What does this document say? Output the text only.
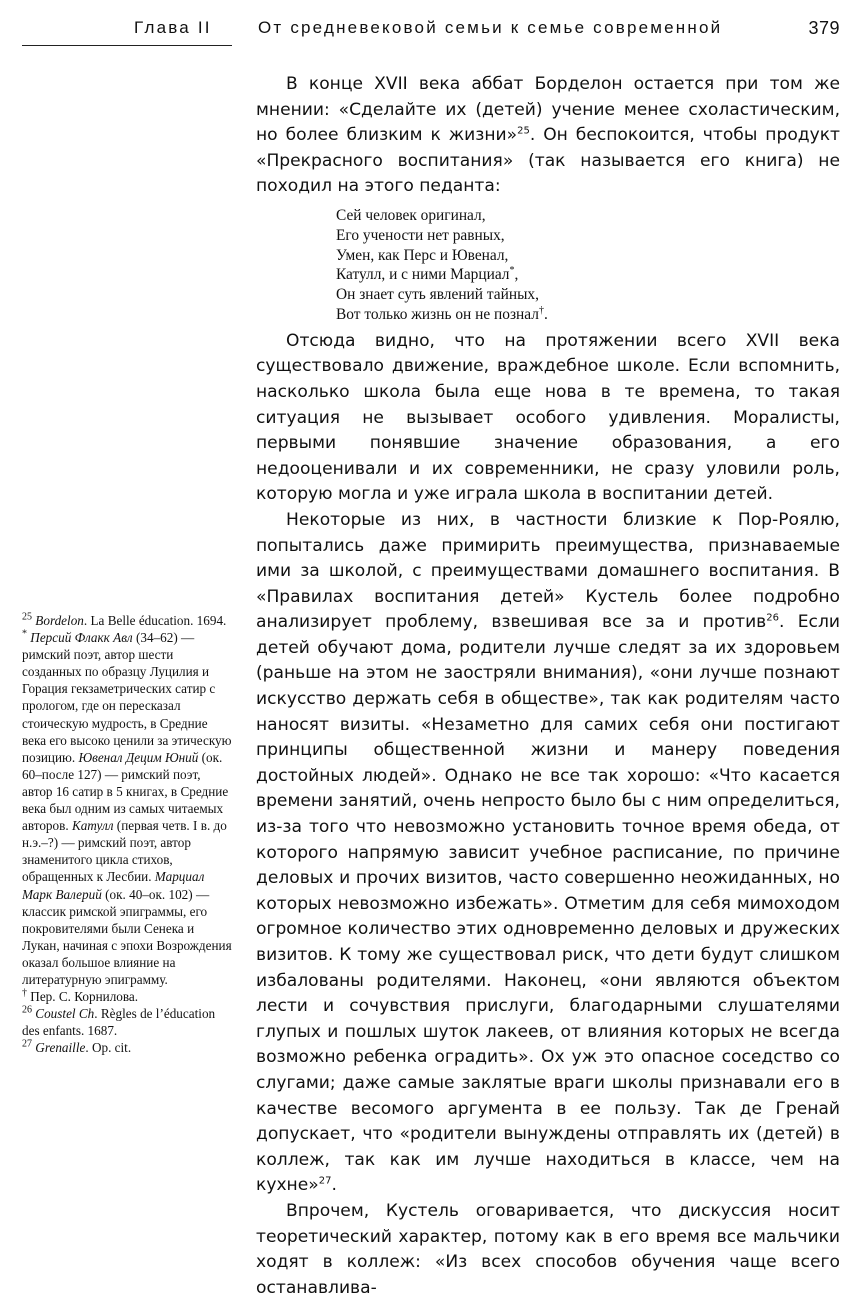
Глава II	От средневековой семьи к семье современной	379

В конце XVII века аббат Борделон остается при том же мнении: «Сделайте их (детей) учение менее схоластическим, но более близким к жизни»$^{25}$. Он беспокоится, чтобы продукт «Прекрасного воспитания» (так называется его книга) не походил на этого педанта:

Сей человек оригинал,
Его учености нет равных,
Умен, как Перс и Ювенал,
Катулл, и с ними Марциал*,
Он знает суть явлений тайных,
Вот только жизнь он не познал†.

Отсюда видно, что на протяжении всего XVII века существовало движение, враждебное школе. Если вспомнить, насколько школа была еще нова в те времена, то такая ситуация не вызывает особого удивления. Моралисты, первыми понявшие значение образования, а его недооценивали и их современники, не сразу уловили роль, которую могла и уже играла школа в воспитании детей.

Некоторые из них, в частности близкие к Пор-Роялю, попытались даже примирить преимущества, признаваемые ими за школой, с преимуществами домашнего воспитания. В «Правилах воспитания детей» Кустель более подробно анализирует проблему, взвешивая все за и против$^{26}$. Если детей обучают дома, родители лучше следят за их здоровьем (раньше на этом не заостряли внимания), «они лучше познают искусство держать себя в обществе», так как родителям часто наносят визиты. «Незаметно для самих себя они постигают принципы общественной жизни и манеру поведения достойных людей». Однако не все так хорошо: «Что касается времени занятий, очень непросто было бы с ним определиться, из-за того что невозможно установить точное время обеда, от которого напрямую зависит учебное расписание, по причине деловых и прочих визитов, часто совершенно неожиданных, но которых невозможно избежать». Отметим для себя мимоходом огромное количество этих одновременно деловых и дружеских визитов. К тому же существовал риск, что дети будут слишком избалованы родителями. Наконец, «они являются объектом лести и сочувствия прислуги, благодарными слушателями глупых и пошлых шуток лакеев, от влияния которых не всегда возможно ребенка оградить». Ох уж это опасное соседство со слугами; даже самые заклятые враги школы признавали его в качестве весомого аргумента в ее пользу. Так де Гренай допускает, что «родители вынуждены отправлять их (детей) в коллеж, так как им лучше находиться в классе, чем на кухне»$^{27}$.

Впрочем, Кустель оговаривается, что дискуссия носит теоретический характер, потому как в его время все мальчики ходят в коллеж: «Из всех способов обучения чаще всего останавлива-

$^{25}$ Bordelon. La Belle éducation. 1694.

* Персий Флакк Авл (34–62) — римский поэт, автор шести созданных по образцу Луцилия и Горация гекзаметрических сатир с прологом, где он пересказал стоическую мудрость, в Средние века его высоко ценили за этическую позицию. Ювенал Децим Юний (ок. 60–после 127) — римский поэт, автор 16 сатир в 5 книгах, в Средние века был одним из самых читаемых авторов. Катулл (первая четв. I в. до н.э.–?) — римский поэт, автор знаменитого цикла стихов, обращенных к Лесбии. Марциал Марк Валерий (ок. 40–ок. 102) — классик римской эпиграммы, его покровителями были Сенека и Лукан, начиная с эпохи Возрождения оказал большое влияние на литературную эпиграмму.

† Пер. С. Корнилова.

$^{26}$ Coustel Ch. Règles de l’éducation des enfants. 1687.

$^{27}$ Grenaille. Op. cit.
